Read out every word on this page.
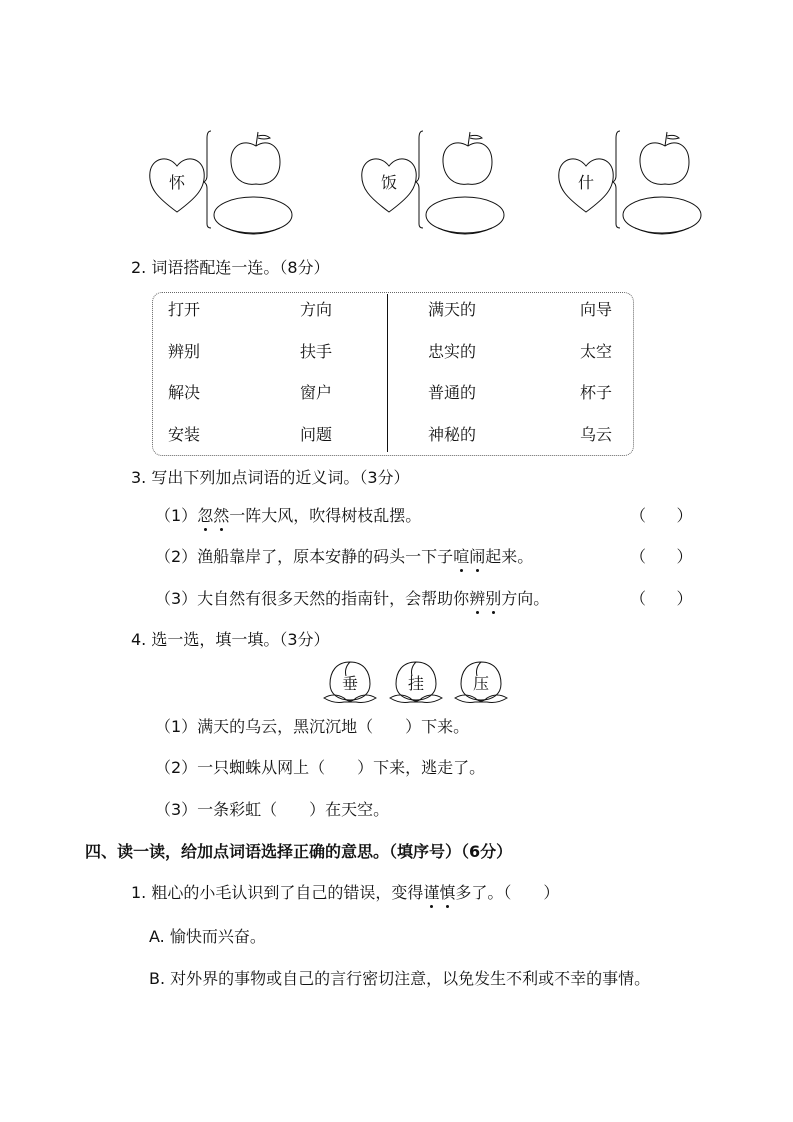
怀	饭	什
2. 词语搭配连一连。（8分）
打开	方向	满天的	向导
辨别	扶手	忠实的	太空
解决	窗户	普通的	杯子
安装	问题	神秘的	乌云
3. 写出下列加点词语的近义词。（3分）
（1）忽然一阵大风，吹得树枝乱摆。	（      ）
（2）渔船靠岸了，原本安静的码头一下子喧闹起来。	（      ）
（3）大自然有很多天然的指南针，会帮助你辨别方向。	（      ）
4. 选一选，填一填。（3分）
垂	挂	压
（1）满天的乌云，黑沉沉地（　　）下来。
（2）一只蜘蛛从网上（　　）下来，逃走了。
（3）一条彩虹（　　）在天空。
四、读一读，给加点词语选择正确的意思。（填序号）（6分）
1. 粗心的小毛认识到了自己的错误，变得谨慎多了。（　　）
A. 愉快而兴奋。
B. 对外界的事物或自己的言行密切注意，以免发生不利或不幸的事情。
